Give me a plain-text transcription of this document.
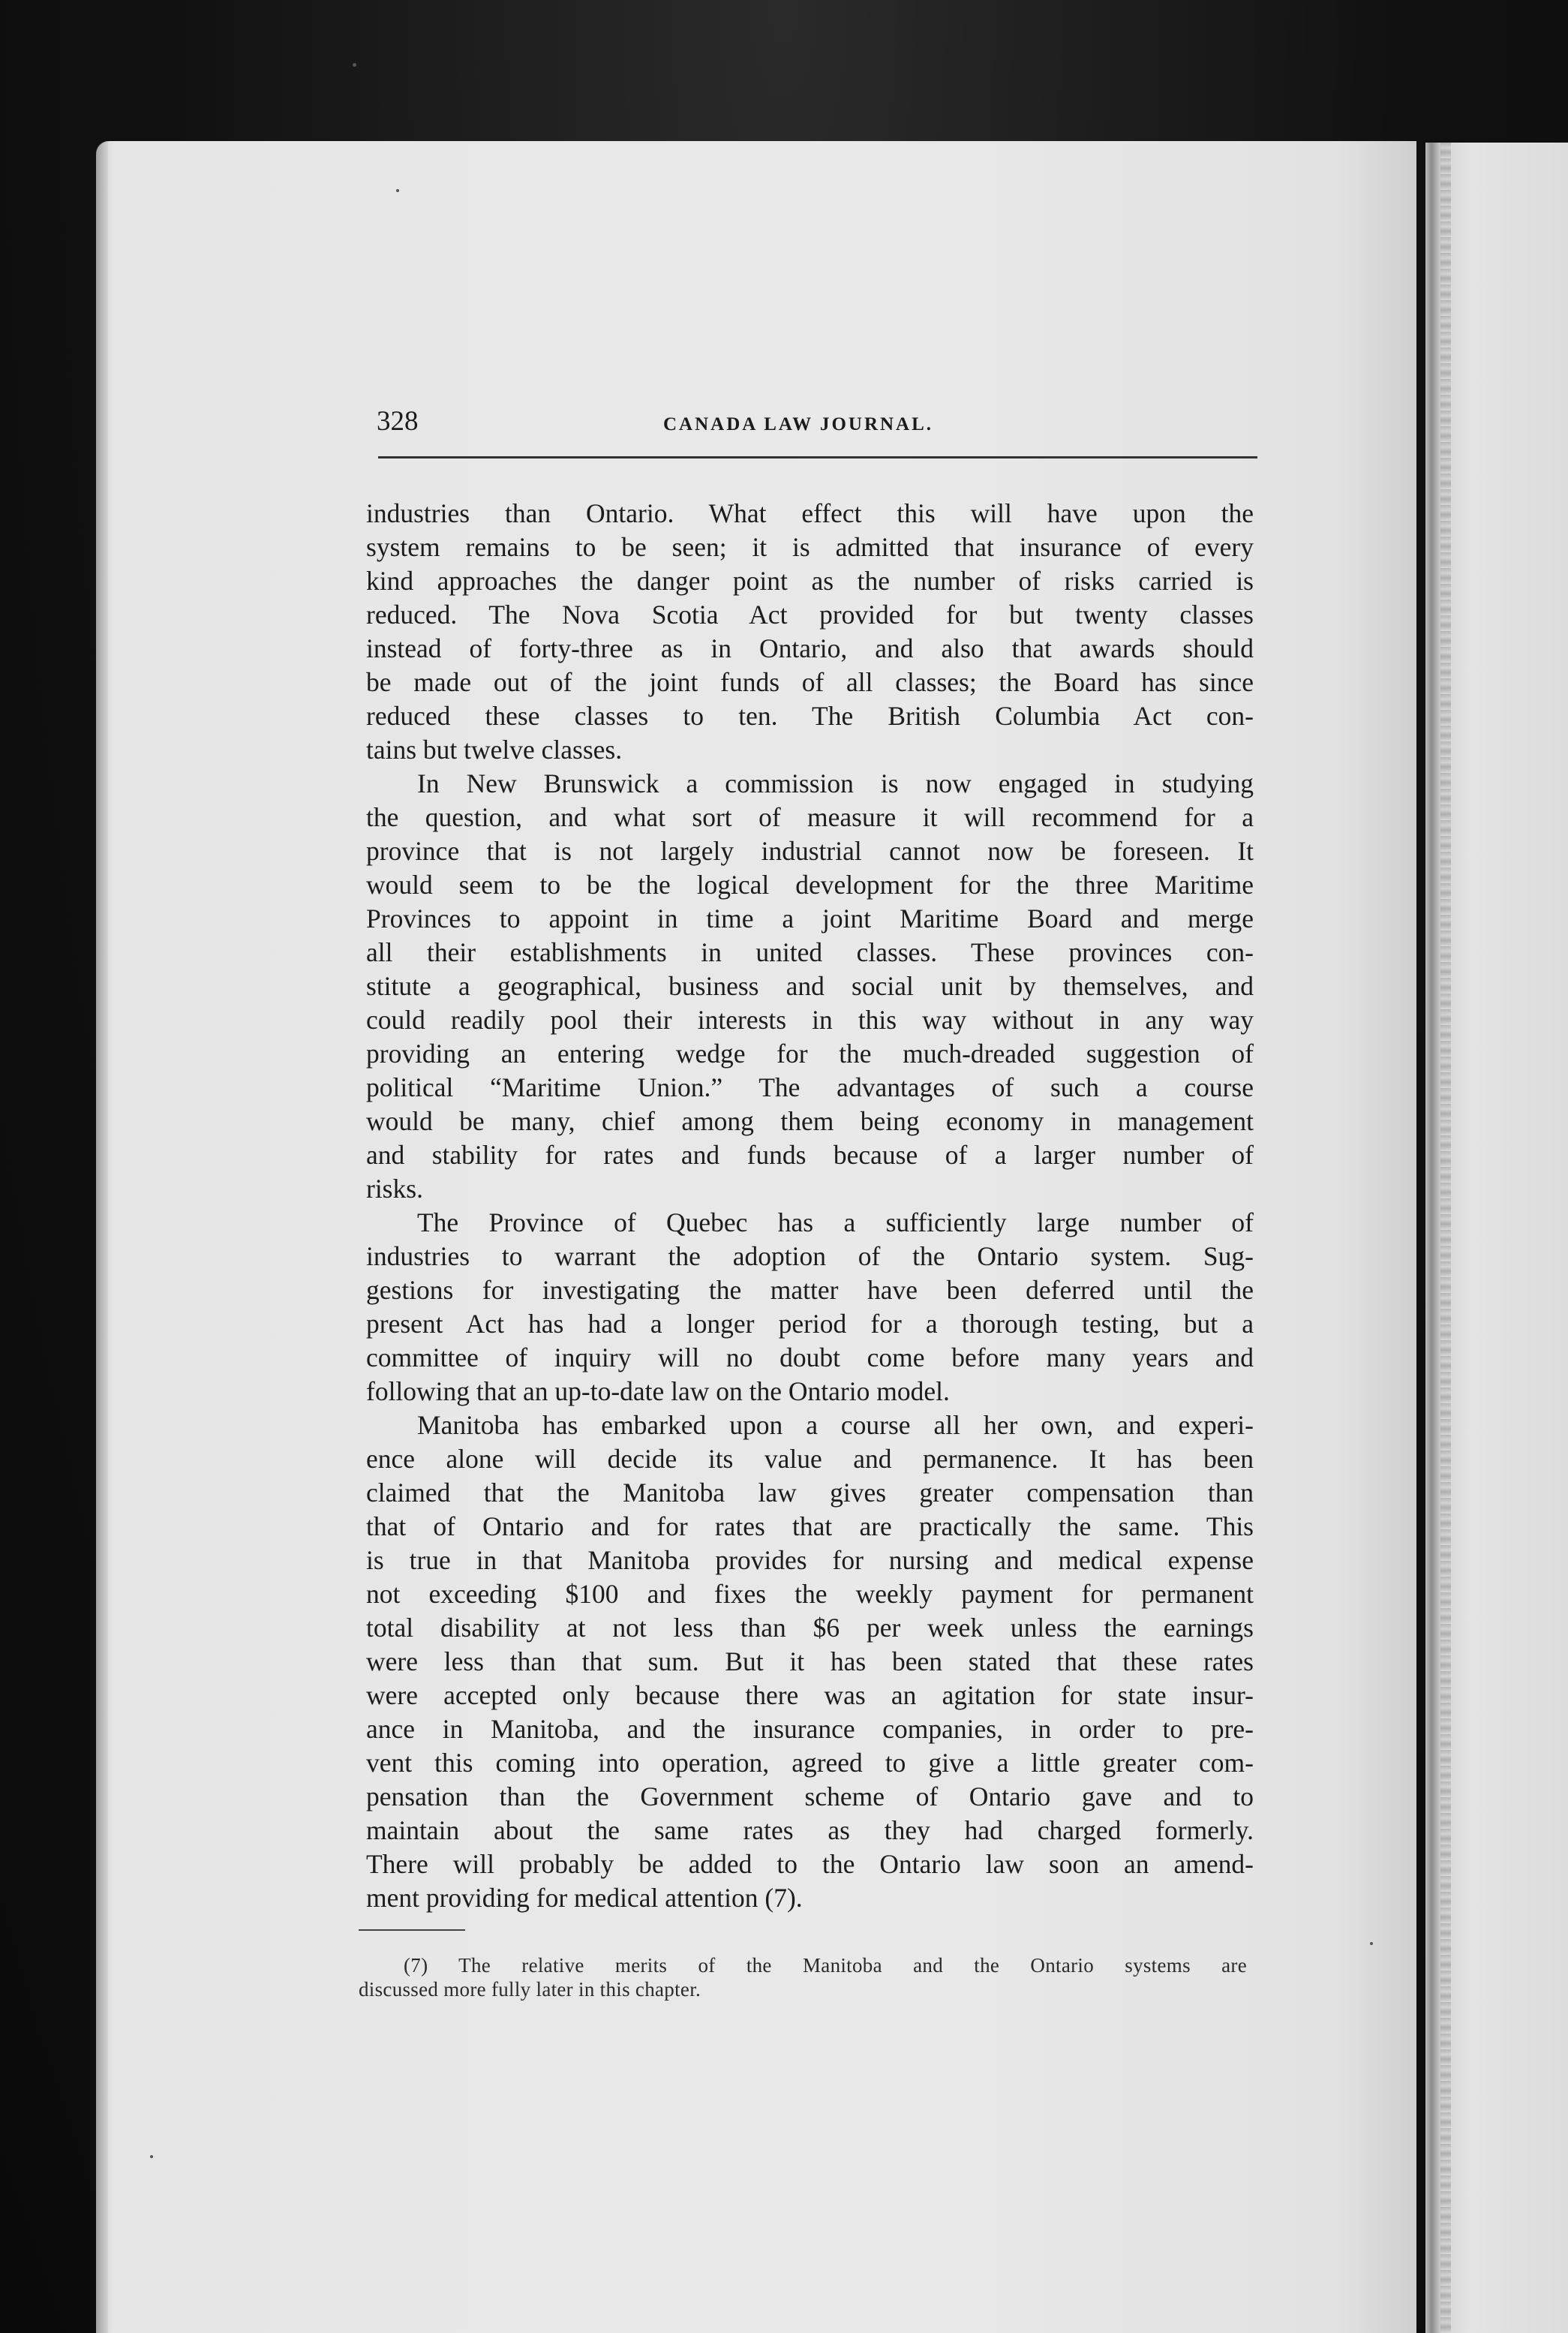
328	CANADA LAW JOURNAL.
industries than Ontario. What effect this will have upon the
system remains to be seen; it is admitted that insurance of every
kind approaches the danger point as the number of risks carried is
reduced. The Nova Scotia Act provided for but twenty classes
instead of forty-three as in Ontario, and also that awards should
be made out of the joint funds of all classes; the Board has since
reduced these classes to ten. The British Columbia Act con-
tains but twelve classes.
In New Brunswick a commission is now engaged in studying
the question, and what sort of measure it will recommend for a
province that is not largely industrial cannot now be foreseen. It
would seem to be the logical development for the three Maritime
Provinces to appoint in time a joint Maritime Board and merge
all their establishments in united classes. These provinces con-
stitute a geographical, business and social unit by themselves, and
could readily pool their interests in this way without in any way
providing an entering wedge for the much-dreaded suggestion of
political “Maritime Union.” The advantages of such a course
would be many, chief among them being economy in management
and stability for rates and funds because of a larger number of
risks.
The Province of Quebec has a sufficiently large number of
industries to warrant the adoption of the Ontario system. Sug-
gestions for investigating the matter have been deferred until the
present Act has had a longer period for a thorough testing, but a
committee of inquiry will no doubt come before many years and
following that an up-to-date law on the Ontario model.
Manitoba has embarked upon a course all her own, and experi-
ence alone will decide its value and permanence. It has been
claimed that the Manitoba law gives greater compensation than
that of Ontario and for rates that are practically the same. This
is true in that Manitoba provides for nursing and medical expense
not exceeding $100 and fixes the weekly payment for permanent
total disability at not less than $6 per week unless the earnings
were less than that sum. But it has been stated that these rates
were accepted only because there was an agitation for state insur-
ance in Manitoba, and the insurance companies, in order to pre-
vent this coming into operation, agreed to give a little greater com-
pensation than the Government scheme of Ontario gave and to
maintain about the same rates as they had charged formerly.
There will probably be added to the Ontario law soon an amend-
ment providing for medical attention (7).
(7) The relative merits of the Manitoba and the Ontario systems are
discussed more fully later in this chapter.
